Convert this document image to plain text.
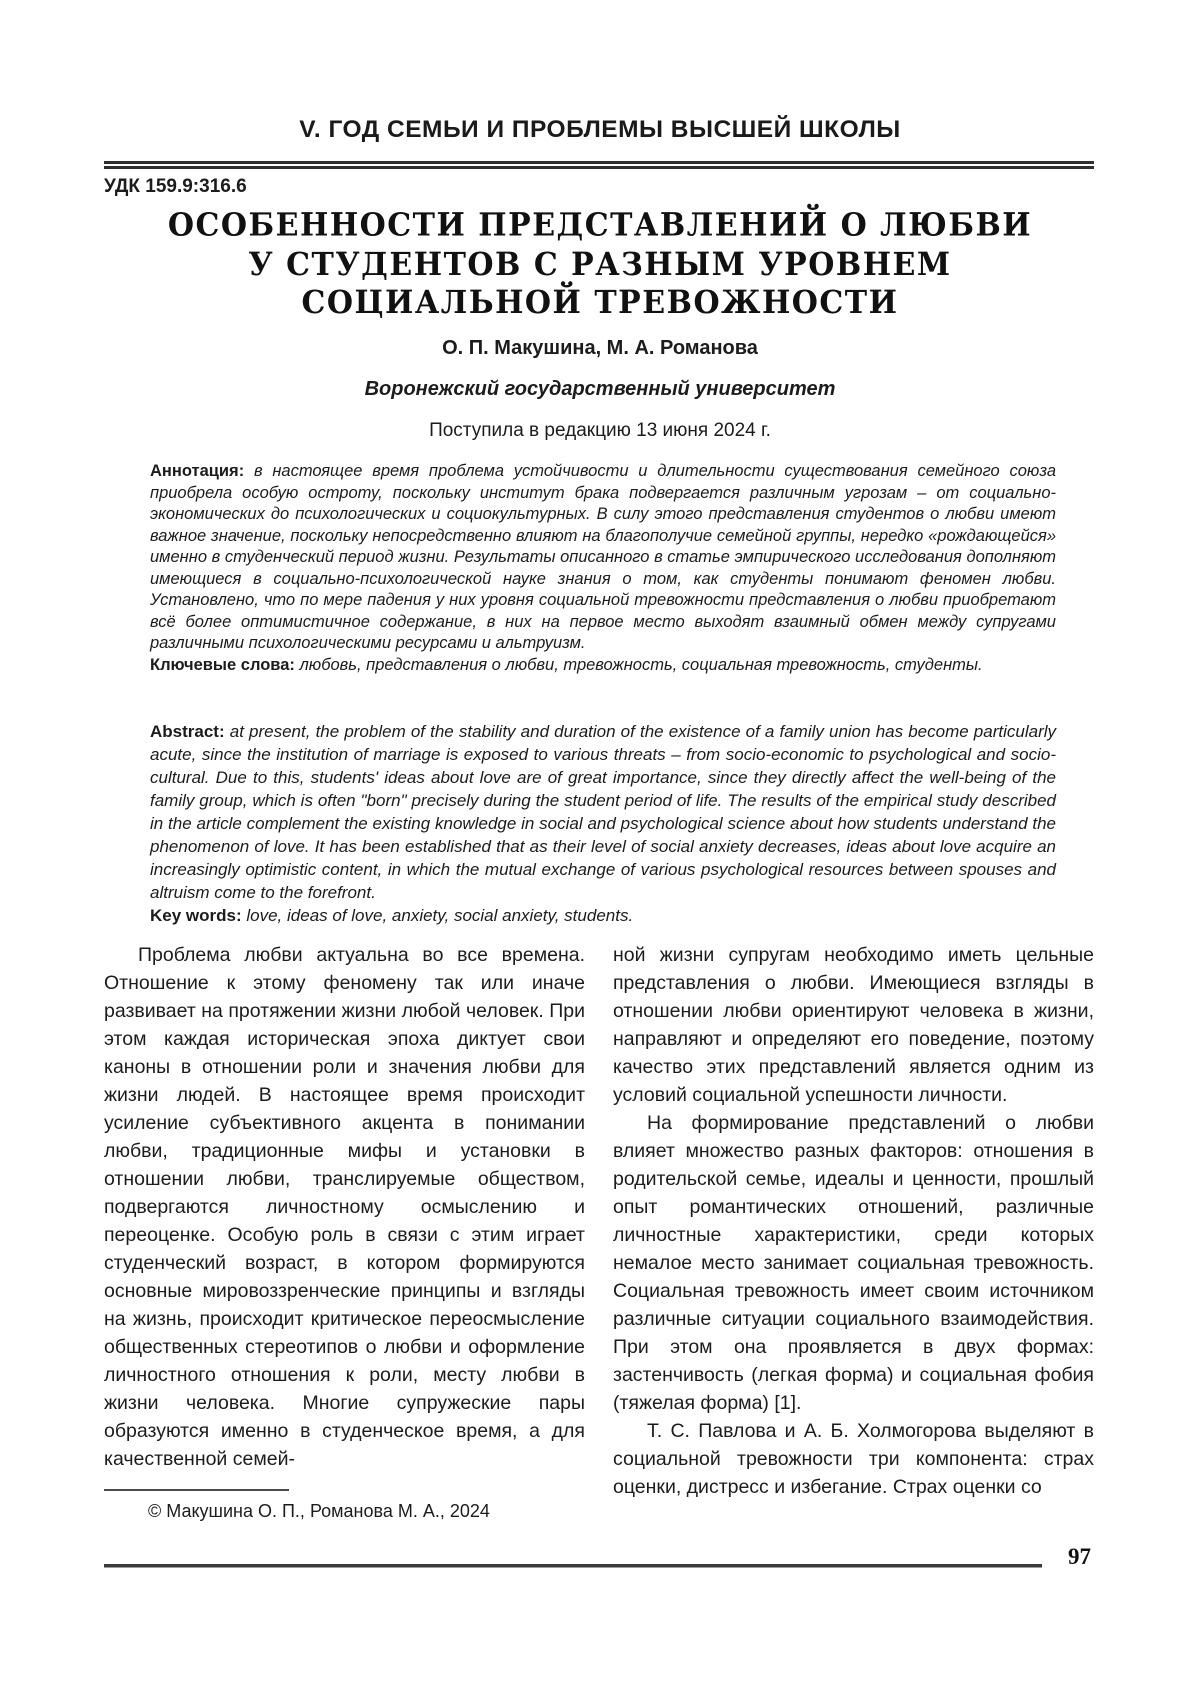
V. ГОД СЕМЬИ И ПРОБЛЕМЫ ВЫСШЕЙ ШКОЛЫ
УДК 159.9:316.6
ОСОБЕННОСТИ ПРЕДСТАВЛЕНИЙ О ЛЮБВИ
У СТУДЕНТОВ С РАЗНЫМ УРОВНЕМ
СОЦИАЛЬНОЙ ТРЕВОЖНОСТИ
О. П. Макушина, М. А. Романова
Воронежский государственный университет
Поступила в редакцию 13 июня 2024 г.

Аннотация: в настоящее время проблема устойчивости и длительности существования семейного союза приобрела особую остроту, поскольку институт брака подвергается различным угрозам – от социально-экономических до психологических и социокультурных. В силу этого представления студентов о любви имеют важное значение, поскольку непосредственно влияют на благополучие семейной группы, нередко «рождающейся» именно в студенческий период жизни. Результаты описанного в статье эмпирического исследования дополняют имеющиеся в социально-психологической науке знания о том, как студенты понимают феномен любви. Установлено, что по мере падения у них уровня социальной тревожности представления о любви приобретают всё более оптимистичное содержание, в них на первое место выходят взаимный обмен между супругами различными психологическими ресурсами и альтруизм.

Ключевые слова: любовь, представления о любви, тревожность, социальная тревожность, студенты.

Abstract: at present, the problem of the stability and duration of the existence of a family union has become particularly acute, since the institution of marriage is exposed to various threats – from socio-economic to psychological and socio-cultural. Due to this, students' ideas about love are of great importance, since they directly affect the well-being of the family group, which is often "born" precisely during the student period of life. The results of the empirical study described in the article complement the existing knowledge in social and psychological science about how students understand the phenomenon of love. It has been established that as their level of social anxiety decreases, ideas about love acquire an increasingly optimistic content, in which the mutual exchange of various psychological resources between spouses and altruism come to the forefront.

Key words: love, ideas of love, anxiety, social anxiety, students.

Проблема любви актуальна во все времена. Отношение к этому феномену так или иначе развивает на протяжении жизни любой человек. При этом каждая историческая эпоха диктует свои каноны в отношении роли и значения любви для жизни людей. В настоящее время происходит усиление субъективного акцента в понимании любви, традиционные мифы и установки в отношении любви, транслируемые обществом, подвергаются личностному осмыслению и переоценке. Особую роль в связи с этим играет студенческий возраст, в котором формируются основные мировоззренческие принципы и взгляды на жизнь, происходит критическое переосмысление общественных стереотипов о любви и оформление личностного отношения к роли, месту любви в жизни человека. Многие супружеские пары образуются именно в студенческое время, а для качественной семей-

© Макушина О. П., Романова М. А., 2024

ной жизни супругам необходимо иметь цельные представления о любви. Имеющиеся взгляды в отношении любви ориентируют человека в жизни, направляют и определяют его поведение, поэтому качество этих представлений является одним из условий социальной успешности личности.

На формирование представлений о любви влияет множество разных факторов: отношения в родительской семье, идеалы и ценности, прошлый опыт романтических отношений, различные личностные характеристики, среди которых немалое место занимает социальная тревожность. Социальная тревожность имеет своим источником различные ситуации социального взаимодействия. При этом она проявляется в двух формах: застенчивость (легкая форма) и социальная фобия (тяжелая форма) [1].

Т. С. Павлова и А. Б. Холмогорова выделяют в социальной тревожности три компонента: страх оценки, дистресс и избегание. Страх оценки со

97
